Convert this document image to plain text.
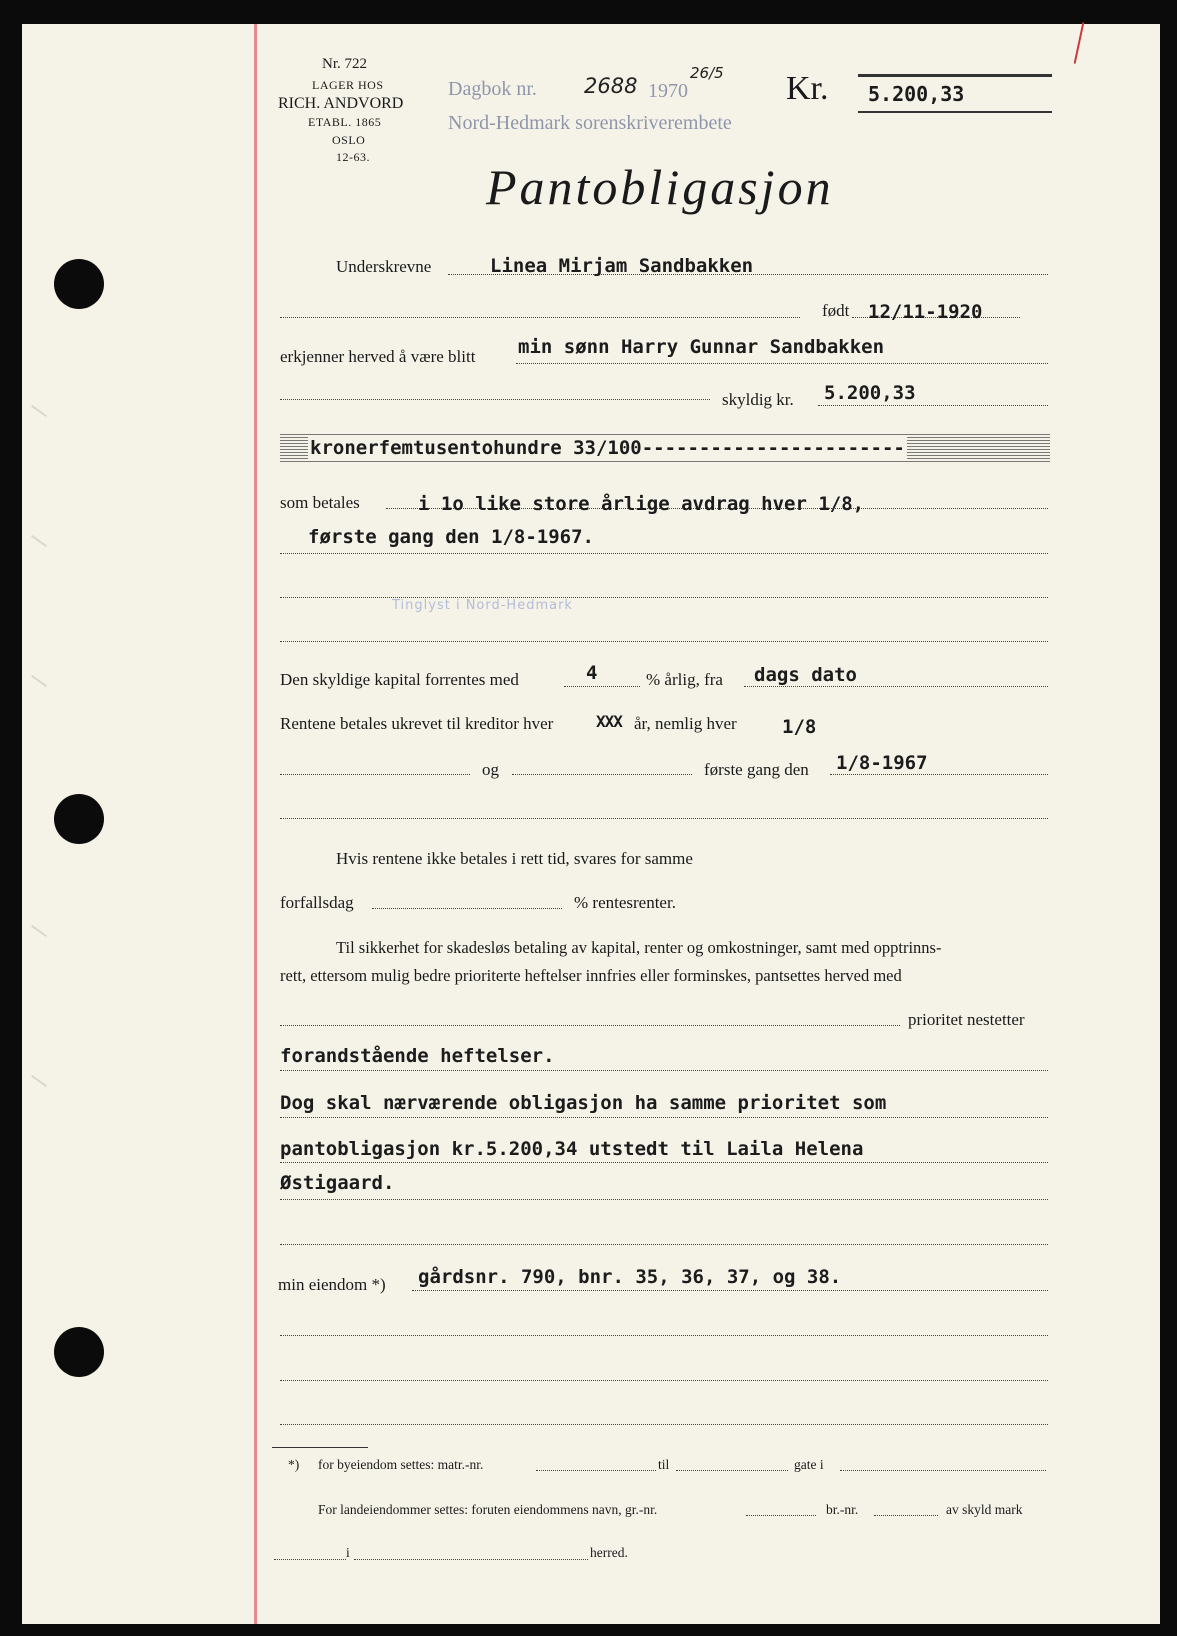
Nr. 722
LAGER HOS
RICH. ANDVORD
ETABL. 1865
OSLO
12-63.
Dagbok nr. 2688 1970
26/5
Nord-Hedmark sorenskriverembete
Kr. 5.200,33
Pantobligasjon
Underskrevne	Linea Mirjam Sandbakken
født 12/11-1920
erkjenner herved å være blitt min sønn Harry Gunnar Sandbakken
skyldig kr. 5.200,33
kronerfemtusentohundre 33/100-----------------------
som betales	i 1o like store årlige avdrag hver 1/8,
første gang den 1/8-1967.
Tinglyst i Nord-Hedmark
Den skyldige kapital forrentes med	4	% årlig, fra dags dato
Rentene betales ukrevet til kreditor hver	XXX år, nemlig hver 1/8
og	første gang den 1/8-1967
Hvis rentene ikke betales i rett tid, svares for samme
forfallsdag	% rentesrenter.
Til sikkerhet for skadesløs betaling av kapital, renter og omkostninger, samt med opptrinns-
rett, ettersom mulig bedre prioriterte heftelser innfries eller forminskes, pantsettes herved med
prioritet nestetter
forandstående heftelser.
Dog skal nærværende obligasjon ha samme prioritet som
pantobligasjon kr.5.200,34 utstedt til Laila Helena
Østigaard.
min eiendom *) gårdsnr. 790, bnr. 35, 36, 37, og 38.
*) for byeiendom settes: matr.-nr.	til	gate i
For landeiendommer settes: foruten eiendommens navn, gr.-nr.	br.-nr.	av skyld mark
i	herred.
